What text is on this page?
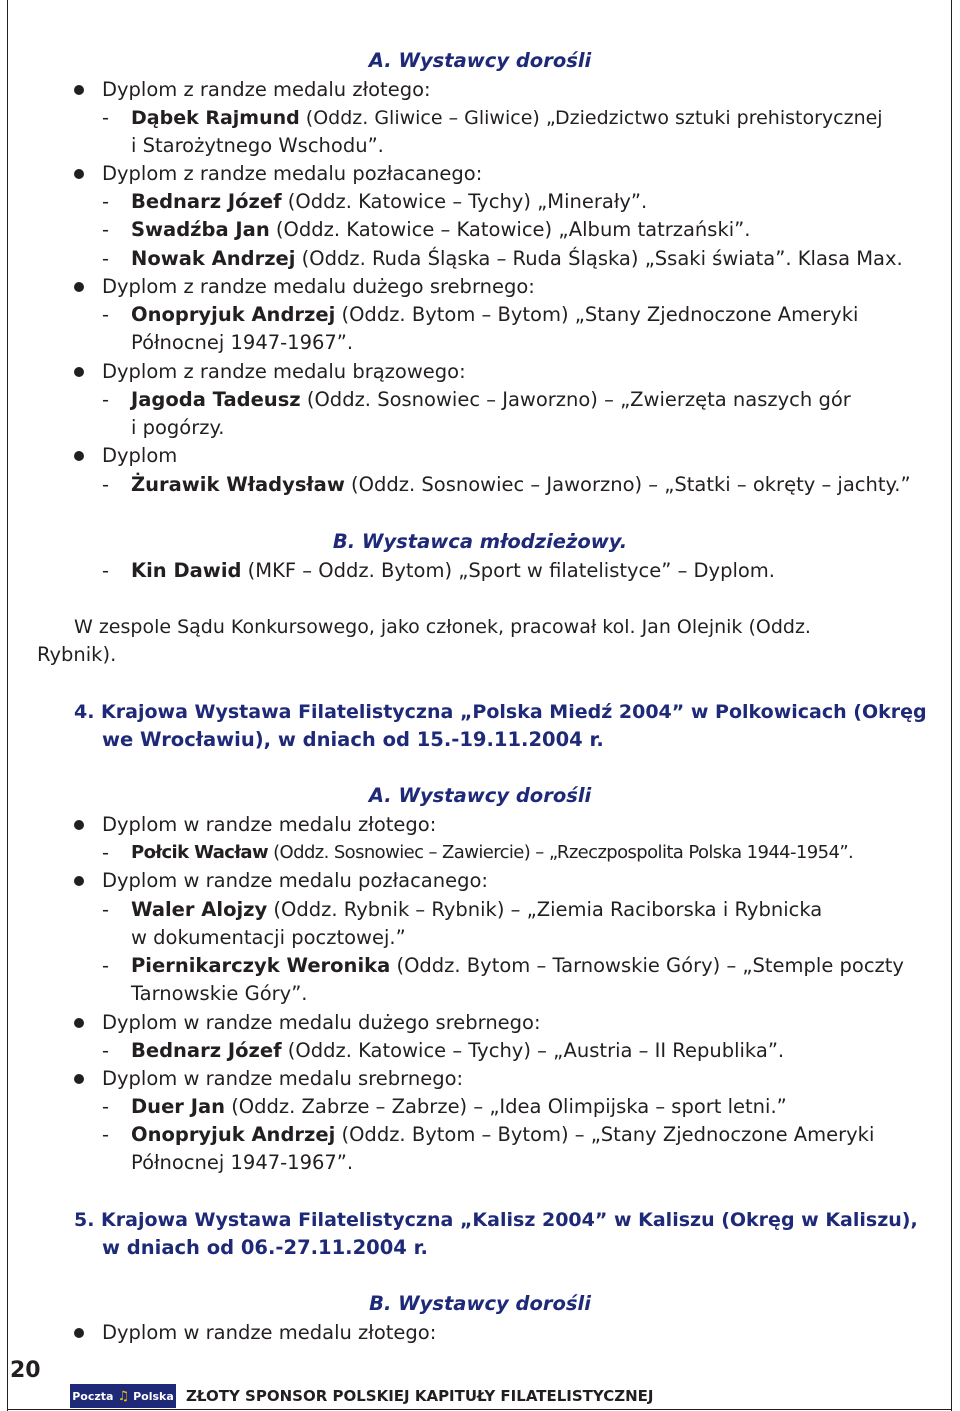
A. Wystawcy dorośli
Dyplom z randze medalu złotego:
- Dąbek Rajmund (Oddz. Gliwice – Gliwice) „Dziedzictwo sztuki prehistorycznej
i Starożytnego Wschodu”.
Dyplom z randze medalu pozłacanego:
- Bednarz Józef (Oddz. Katowice – Tychy) „Minerały”.
- Swadźba Jan (Oddz. Katowice – Katowice) „Album tatrzański”.
- Nowak Andrzej (Oddz. Ruda Śląska – Ruda Śląska) „Ssaki świata”. Klasa Max.
Dyplom z randze medalu dużego srebrnego:
- Onopryjuk Andrzej (Oddz. Bytom – Bytom) „Stany Zjednoczone Ameryki
Północnej 1947-1967”.
Dyplom z randze medalu brązowego:
- Jagoda Tadeusz (Oddz. Sosnowiec – Jaworzno) – „Zwierzęta naszych gór
i pogórzy.
Dyplom
- Żurawik Władysław (Oddz. Sosnowiec – Jaworzno) – „Statki – okręty – jachty.”
B. Wystawca młodzieżowy.
- Kin Dawid (MKF – Oddz. Bytom) „Sport w filatelistyce” – Dyplom.
W zespole Sądu Konkursowego, jako członek, pracował kol. Jan Olejnik (Oddz.
Rybnik).
4. Krajowa Wystawa Filatelistyczna „Polska Miedź 2004” w Polkowicach (Okręg
we Wrocławiu), w dniach od 15.-19.11.2004 r.
A. Wystawcy dorośli
Dyplom w randze medalu złotego:
- Połcik Wacław (Oddz. Sosnowiec – Zawiercie) – „Rzeczpospolita Polska 1944-1954”.
Dyplom w randze medalu pozłacanego:
- Waler Alojzy (Oddz. Rybnik – Rybnik) – „Ziemia Raciborska i Rybnicka
w dokumentacji pocztowej.”
- Piernikarczyk Weronika (Oddz. Bytom – Tarnowskie Góry) – „Stemple poczty
Tarnowskie Góry”.
Dyplom w randze medalu dużego srebrnego:
- Bednarz Józef (Oddz. Katowice – Tychy) – „Austria – II Republika”.
Dyplom w randze medalu srebrnego:
- Duer Jan (Oddz. Zabrze – Zabrze) – „Idea Olimpijska – sport letni.”
- Onopryjuk Andrzej (Oddz. Bytom – Bytom) – „Stany Zjednoczone Ameryki
Północnej 1947-1967”.
5. Krajowa Wystawa Filatelistyczna „Kalisz 2004” w Kaliszu (Okręg w Kaliszu),
w dniach od 06.-27.11.2004 r.
B. Wystawcy dorośli
Dyplom w randze medalu złotego:
20
Poczta ♫ Polska ZŁOTY SPONSOR POLSKIEJ KAPITUŁY FILATELISTYCZNEJ
